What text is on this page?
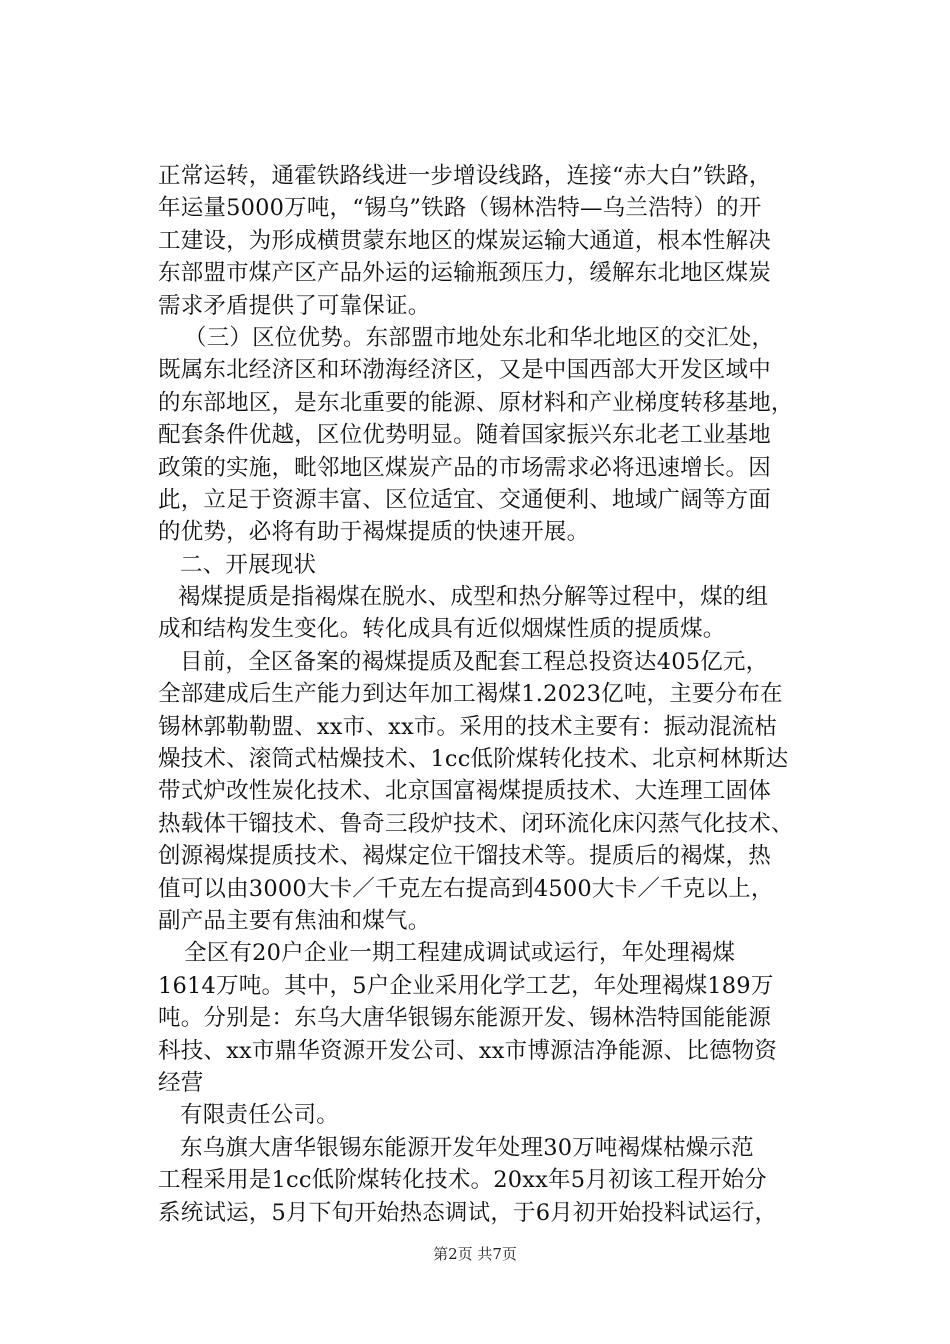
正常运转，通霍铁路线进一步增设线路，连接“赤大白”铁路，
年运量5000万吨，“锡乌”铁路（锡林浩特—乌兰浩特）的开
工建设，为形成横贯蒙东地区的煤炭运输大通道，根本性解决
东部盟市煤产区产品外运的运输瓶颈压力，缓解东北地区煤炭
需求矛盾提供了可靠保证。
（三）区位优势。东部盟市地处东北和华北地区的交汇处，
既属东北经济区和环渤海经济区，又是中国西部大开发区域中
的东部地区，是东北重要的能源、原材料和产业梯度转移基地，
配套条件优越，区位优势明显。随着国家振兴东北老工业基地
政策的实施，毗邻地区煤炭产品的市场需求必将迅速增长。因
此，立足于资源丰富、区位适宜、交通便利、地域广阔等方面
的优势，必将有助于褐煤提质的快速开展。
二、开展现状
褐煤提质是指褐煤在脱水、成型和热分解等过程中，煤的组
成和结构发生变化。转化成具有近似烟煤性质的提质煤。
目前，全区备案的褐煤提质及配套工程总投资达405亿元，
全部建成后生产能力到达年加工褐煤1.2023亿吨，主要分布在
锡林郭勒勒盟、xx市、xx市。采用的技术主要有：振动混流枯
燥技术、滚筒式枯燥技术、1cc低阶煤转化技术、北京柯林斯达
带式炉改性炭化技术、北京国富褐煤提质技术、大连理工固体
热载体干镏技术、鲁奇三段炉技术、闭环流化床闪蒸气化技术、
创源褐煤提质技术、褐煤定位干馏技术等。提质后的褐煤，热
值可以由3000大卡／千克左右提高到4500大卡／千克以上，
副产品主要有焦油和煤气。
全区有20户企业一期工程建成调试或运行，年处理褐煤
1614万吨。其中，5户企业采用化学工艺，年处理褐煤189万
吨。分别是：东乌大唐华银锡东能源开发、锡林浩特国能能源
科技、xx市鼎华资源开发公司、xx市博源洁净能源、比德物资
经营
有限责任公司。
东乌旗大唐华银锡东能源开发年处理30万吨褐煤枯燥示范
工程采用是1cc低阶煤转化技术。20xx年5月初该工程开始分
系统试运，5月下旬开始热态调试，于6月初开始投料试运行，
第2页 共7页
